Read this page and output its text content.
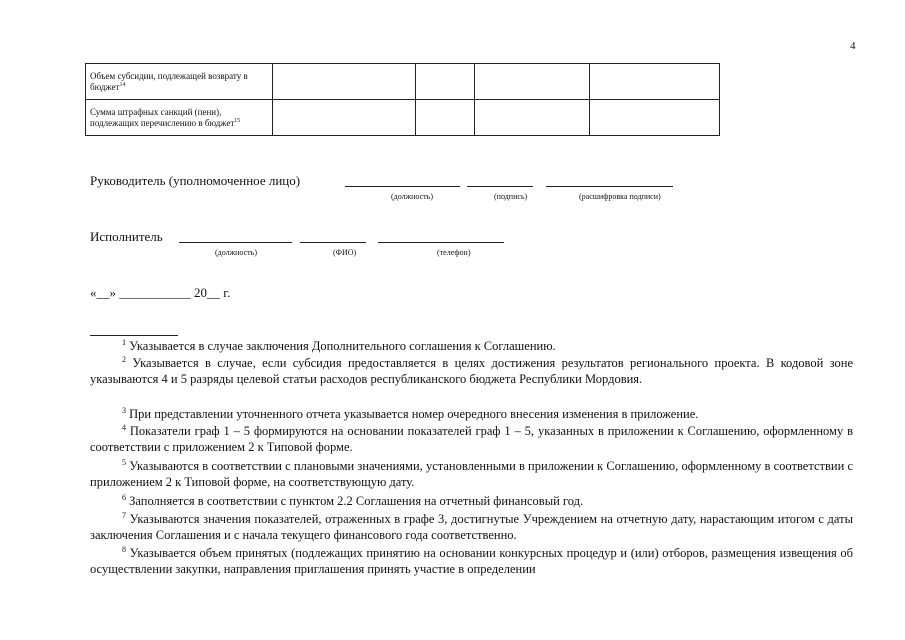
4
Объем субсидии, подлежащей возврату в бюджет$^{14}$				
Сумма штрафных санкций (пени), подлежащих перечислению в бюджет$^{15}$				
Руководитель (уполномоченное лицо)
(должность)	(подпись)	(расшифровка подписи)
Исполнитель
(должность)	(ФИО)	(телефон)
«__» ___________ 20__ г.
$^1$ Указывается в случае заключения Дополнительного соглашения к Соглашению.
$^2$ Указывается в случае, если субсидия предоставляется в целях достижения результатов регионального проекта. В кодовой зоне указываются 4 и 5 разряды целевой статьи расходов республиканского бюджета Республики Мордовия.
$^3$ При представлении уточненного отчета указывается номер очередного внесения изменения в приложение.
$^4$ Показатели граф 1 – 5 формируются на основании показателей граф 1 – 5, указанных в приложении к Соглашению, оформленному в соответствии с приложением 2 к Типовой форме.
$^5$ Указываются в соответствии с плановыми значениями, установленными в приложении к Соглашению, оформленному в соответствии с приложением 2 к Типовой форме, на соответствующую дату.
$^6$ Заполняется в соответствии с пунктом 2.2 Соглашения на отчетный финансовый год.
$^7$ Указываются значения показателей, отраженных в графе 3, достигнутые Учреждением на отчетную дату, нарастающим итогом с даты заключения Соглашения и с начала текущего финансового года соответственно.
$^8$ Указывается объем принятых (подлежащих принятию на основании конкурсных процедур и (или) отборов, размещения извещения об осуществлении закупки, направления приглашения принять участие в определении
